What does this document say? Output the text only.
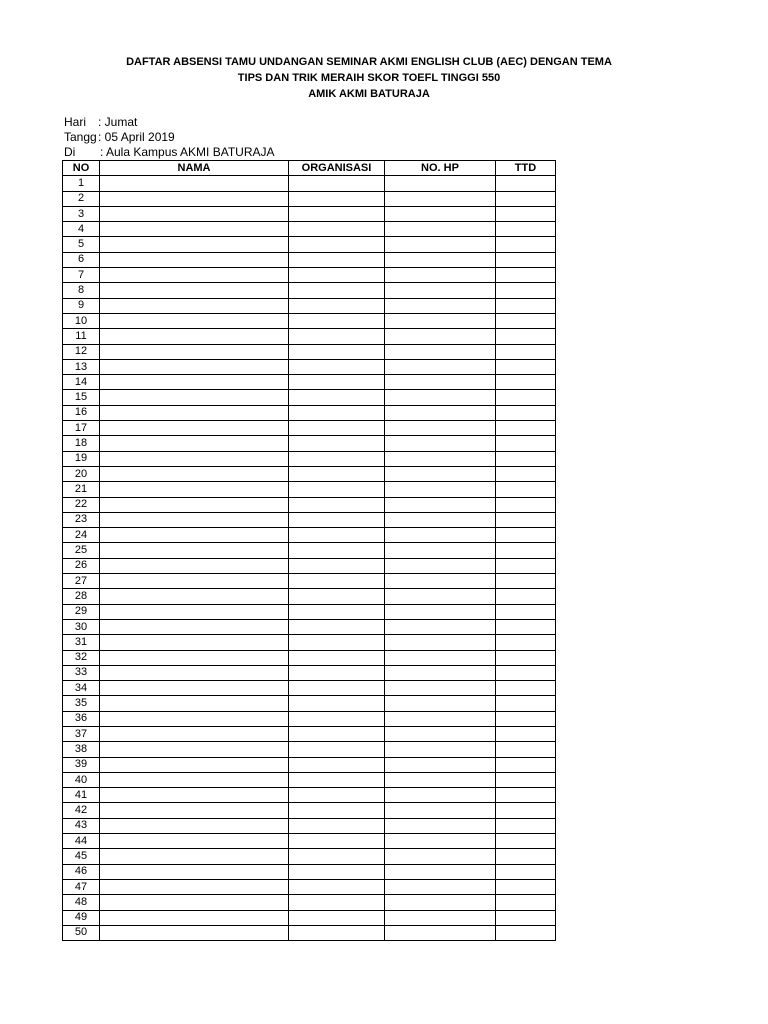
DAFTAR ABSENSI TAMU UNDANGAN SEMINAR AKMI ENGLISH CLUB (AEC) DENGAN TEMA
TIPS DAN TRIK MERAIH SKOR TOEFL TINGGI 550
AMIK AKMI BATURAJA
Hari : Jumat
Tangg: 05 April 2019
Di : Aula Kampus AKMI BATURAJA
NO	NAMA	ORGANISASI	NO. HP	TTD
1				
2				
3				
4				
5				
6				
7				
8				
9				
10				
11				
12				
13				
14				
15				
16				
17				
18				
19				
20				
21				
22				
23				
24				
25				
26				
27				
28				
29				
30				
31				
32				
33				
34				
35				
36				
37				
38				
39				
40				
41				
42				
43				
44				
45				
46				
47				
48				
49				
50				
